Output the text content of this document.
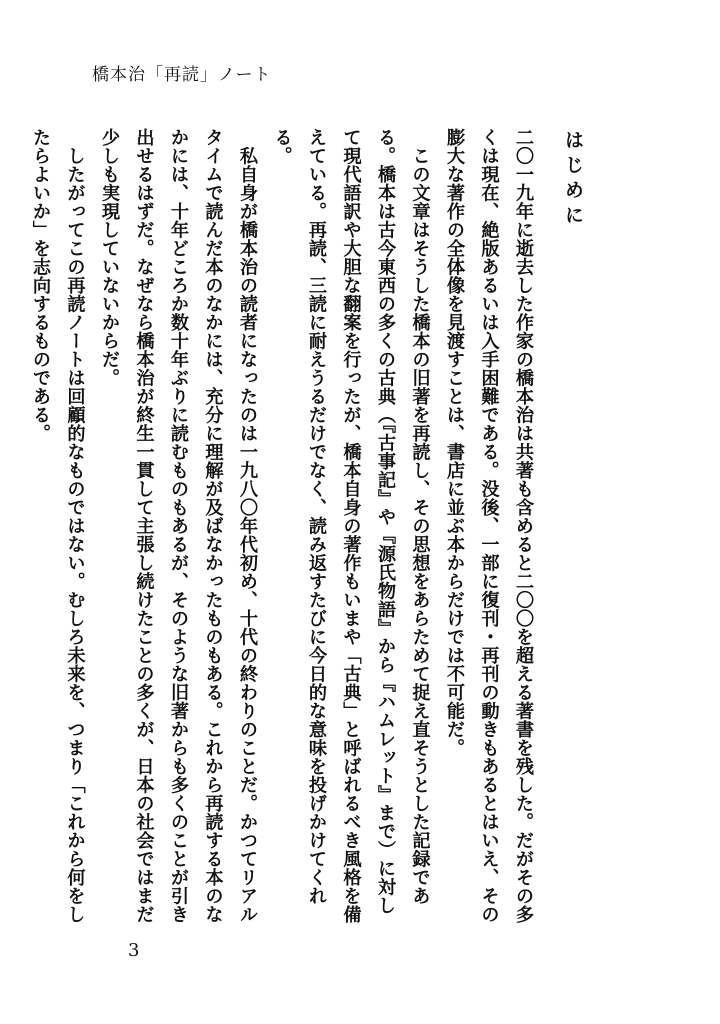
橋本治「再読」ノート
はじめに

二〇一九年に逝去した作家の橋本治は共著も含めると二〇〇を超える著書を残した。だがその多くは現在、絶版あるいは入手困難である。没後、一部に復刊・再刊の動きもあるとはいえ、その膨大な著作の全体像を見渡すことは、書店に並ぶ本からだけでは不可能だ。

　この文章はそうした橋本の旧著を再読し、その思想をあらためて捉え直そうとした記録である。橋本は古今東西の多くの古典（『古事記』や『源氏物語』から『ハムレット』まで）に対して現代語訳や大胆な翻案を行ったが、橋本自身の著作もいまや「古典」と呼ばれるべき風格を備えている。再読、三読に耐えうるだけでなく、読み返すたびに今日的な意味を投げかけてくれる。

　私自身が橋本治の読者になったのは一九八〇年代初め、十代の終わりのことだ。かつてリアルタイムで読んだ本のなかには、充分に理解が及ばなかったものもある。これから再読する本のなかには、十年どころか数十年ぶりに読むものもあるが、そのような旧著からも多くのことが引き出せるはずだ。なぜなら橋本治が終生一貫して主張し続けたことの多くが、日本の社会ではまだ少しも実現していないからだ。

　したがってこの再読ノートは回顧的なものではない。むしろ未来を、つまり「これから何をしたらよいか」を志向するものである。

3
